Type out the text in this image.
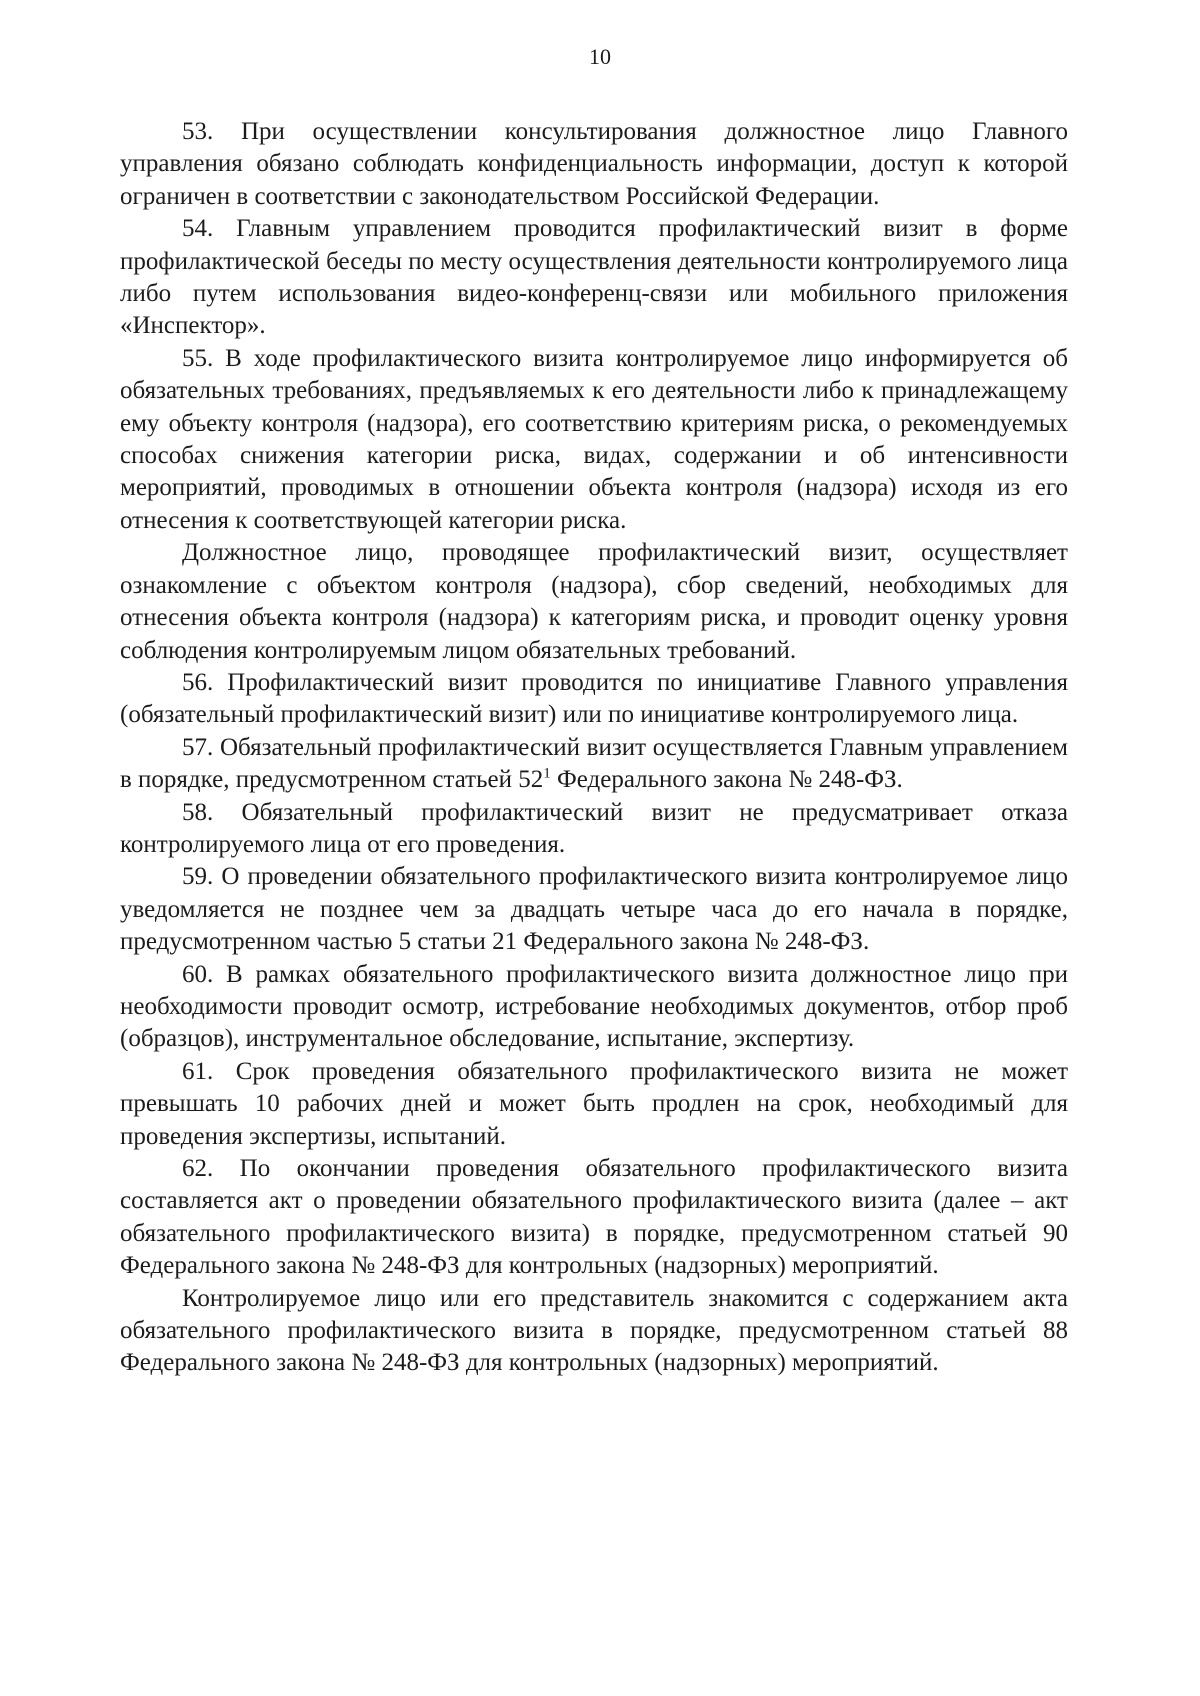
10

53. При осуществлении консультирования должностное лицо Главного управления обязано соблюдать конфиденциальность информации, доступ к которой ограничен в соответствии с законодательством Российской Федерации.

54. Главным управлением проводится профилактический визит в форме профилактической беседы по месту осуществления деятельности контролируемого лица либо путем использования видео-конференц-связи или мобильного приложения «Инспектор».

55. В ходе профилактического визита контролируемое лицо информируется об обязательных требованиях, предъявляемых к его деятельности либо к принадлежащему ему объекту контроля (надзора), его соответствию критериям риска, о рекомендуемых способах снижения категории риска, видах, содержании и об интенсивности мероприятий, проводимых в отношении объекта контроля (надзора) исходя из его отнесения к соответствующей категории риска.

Должностное лицо, проводящее профилактический визит, осуществляет ознакомление с объектом контроля (надзора), сбор сведений, необходимых для отнесения объекта контроля (надзора) к категориям риска, и проводит оценку уровня соблюдения контролируемым лицом обязательных требований.

56. Профилактический визит проводится по инициативе Главного управления (обязательный профилактический визит) или по инициативе контролируемого лица.

57. Обязательный профилактический визит осуществляется Главным управлением в порядке, предусмотренном статьей $52^1$ Федерального закона № 248-ФЗ.

58. Обязательный профилактический визит не предусматривает отказа контролируемого лица от его проведения.

59. О проведении обязательного профилактического визита контролируемое лицо уведомляется не позднее чем за двадцать четыре часа до его начала в порядке, предусмотренном частью 5 статьи 21 Федерального закона № 248-ФЗ.

60. В рамках обязательного профилактического визита должностное лицо при необходимости проводит осмотр, истребование необходимых документов, отбор проб (образцов), инструментальное обследование, испытание, экспертизу.

61. Срок проведения обязательного профилактического визита не может превышать 10 рабочих дней и может быть продлен на срок, необходимый для проведения экспертизы, испытаний.

62. По окончании проведения обязательного профилактического визита составляется акт о проведении обязательного профилактического визита (далее – акт обязательного профилактического визита) в порядке, предусмотренном статьей 90 Федерального закона № 248-ФЗ для контрольных (надзорных) мероприятий.

Контролируемое лицо или его представитель знакомится с содержанием акта обязательного профилактического визита в порядке, предусмотренном статьей 88 Федерального закона № 248-ФЗ для контрольных (надзорных) мероприятий.
